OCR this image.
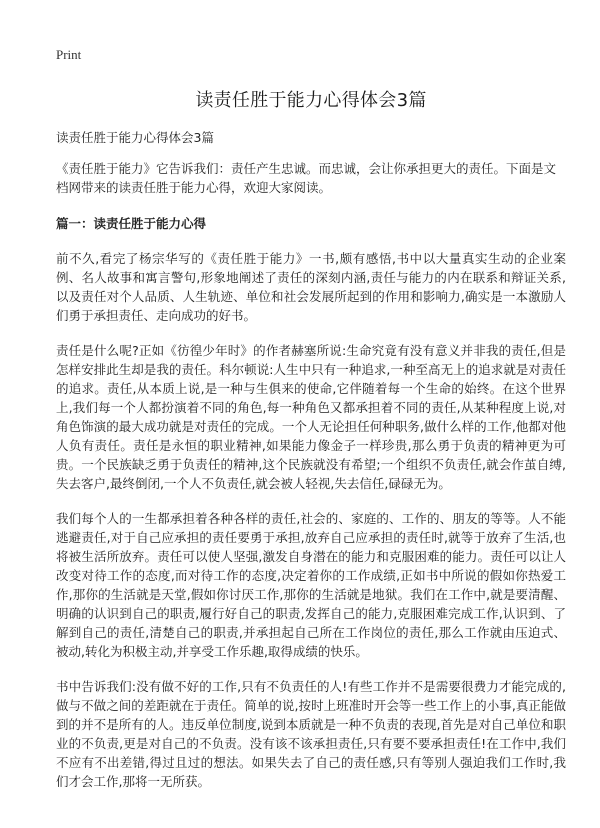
Print
读责任胜于能力心得体会3篇
读责任胜于能力心得体会3篇
《责任胜于能力》它告诉我们：责任产生忠诚。而忠诚，会让你承担更大的责任。下面是文档网带来的读责任胜于能力心得，欢迎大家阅读。
篇一：读责任胜于能力心得

前不久,看完了杨宗华写的《责任胜于能力》一书,颇有感悟,书中以大量真实生动的企业案例、名人故事和寓言警句,形象地阐述了责任的深刻内涵,责任与能力的内在联系和辩证关系,以及责任对个人品质、人生轨迹、单位和社会发展所起到的作用和影响力,确实是一本激励人们勇于承担责任、走向成功的好书。

责任是什么呢?正如《彷徨少年时》的作者赫塞所说:生命究竟有没有意义并非我的责任,但是怎样安排此生却是我的责任。科尔顿说:人生中只有一种追求,一种至高无上的追求就是对责任的追求。责任,从本质上说,是一种与生俱来的使命,它伴随着每一个生命的始终。在这个世界上,我们每一个人都扮演着不同的角色,每一种角色又都承担着不同的责任,从某种程度上说,对角色饰演的最大成功就是对责任的完成。一个人无论担任何种职务,做什么样的工作,他都对他人负有责任。责任是永恒的职业精神,如果能力像金子一样珍贵,那么勇于负责的精神更为可贵。一个民族缺乏勇于负责任的精神,这个民族就没有希望;一个组织不负责任,就会作茧自缚,失去客户,最终倒闭,一个人不负责任,就会被人轻视,失去信任,碌碌无为。

我们每个人的一生都承担着各种各样的责任,社会的、家庭的、工作的、朋友的等等。人不能逃避责任,对于自己应承担的责任要勇于承担,放弃自己应承担的责任时,就等于放弃了生活,也将被生活所放弃。责任可以使人坚强,激发自身潜在的能力和克服困难的能力。责任可以让人改变对待工作的态度,而对待工作的态度,决定着你的工作成绩,正如书中所说的假如你热爱工作,那你的生活就是天堂,假如你讨厌工作,那你的生活就是地狱。我们在工作中,就是要清醒、明确的认识到自己的职责,履行好自己的职责,发挥自己的能力,克服困难完成工作,认识到、了解到自己的责任,清楚自己的职责,并承担起自己所在工作岗位的责任,那么工作就由压迫式、被动,转化为积极主动,并享受工作乐趣,取得成绩的快乐。

书中告诉我们:没有做不好的工作,只有不负责任的人!有些工作并不是需要很费力才能完成的,做与不做之间的差距就在于责任。简单的说,按时上班准时开会等一些工作上的小事,真正能做到的并不是所有的人。违反单位制度,说到本质就是一种不负责的表现,首先是对自己单位和职业的不负责,更是对自己的不负责。没有该不该承担责任,只有要不要承担责任!在工作中,我们不应有不出差错,得过且过的想法。如果失去了自己的责任感,只有等别人强迫我们工作时,我们才会工作,那将一无所获。
